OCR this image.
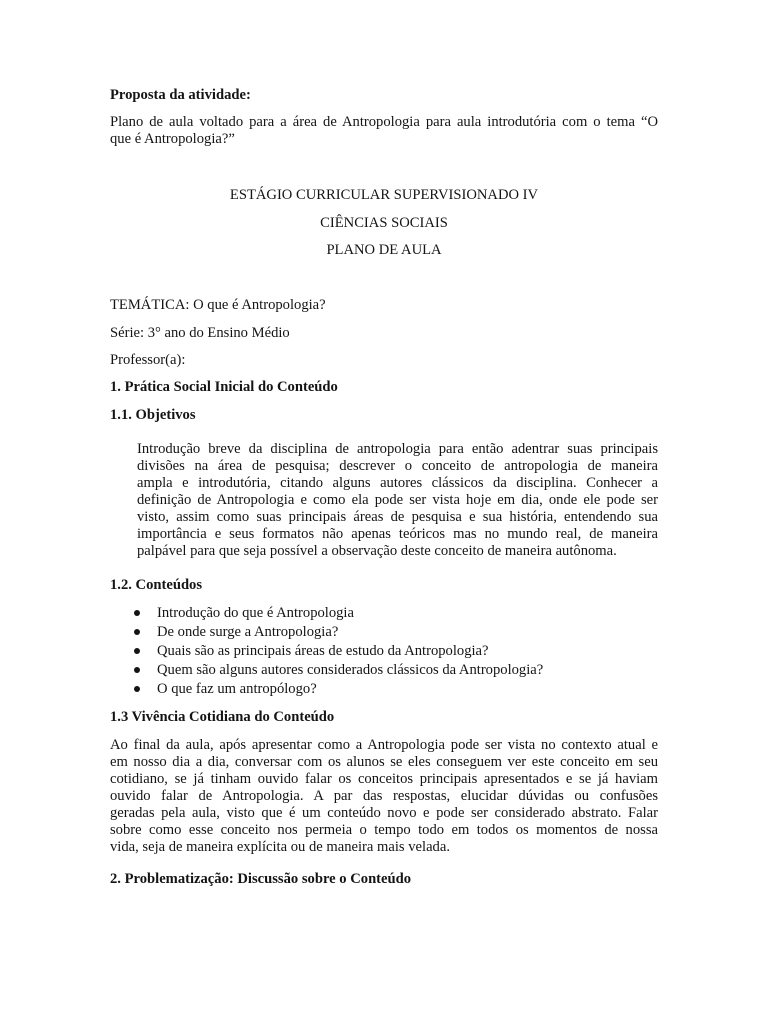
Proposta da atividade:

Plano de aula voltado para a área de Antropologia para aula introdutória com o tema “O
que é Antropologia?”

ESTÁGIO CURRICULAR SUPERVISIONADO IV

CIÊNCIAS SOCIAIS

PLANO DE AULA

TEMÁTICA: O que é Antropologia?

Série: 3° ano do Ensino Médio

Professor(a):

1. Prática Social Inicial do Conteúdo

1.1. Objetivos

Introdução breve da disciplina de antropologia para então adentrar suas principais
divisões na área de pesquisa; descrever o conceito de antropologia de maneira
ampla e introdutória, citando alguns autores clássicos da disciplina. Conhecer a
definição de Antropologia e como ela pode ser vista hoje em dia, onde ele pode ser
visto, assim como suas principais áreas de pesquisa e sua história, entendendo sua
importância e seus formatos não apenas teóricos mas no mundo real, de maneira
palpável para que seja possível a observação deste conceito de maneira autônoma.

1.2. Conteúdos

Introdução do que é Antropologia
De onde surge a Antropologia?
Quais são as principais áreas de estudo da Antropologia?
Quem são alguns autores considerados clássicos da Antropologia?
O que faz um antropólogo?

1.3 Vivência Cotidiana do Conteúdo

Ao final da aula, após apresentar como a Antropologia pode ser vista no contexto atual e
em nosso dia a dia, conversar com os alunos se eles conseguem ver este conceito em seu
cotidiano, se já tinham ouvido falar os conceitos principais apresentados e se já haviam
ouvido falar de Antropologia. A par das respostas, elucidar dúvidas ou confusões
geradas pela aula, visto que é um conteúdo novo e pode ser considerado abstrato. Falar
sobre como esse conceito nos permeia o tempo todo em todos os momentos de nossa
vida, seja de maneira explícita ou de maneira mais velada.

2. Problematização: Discussão sobre o Conteúdo
